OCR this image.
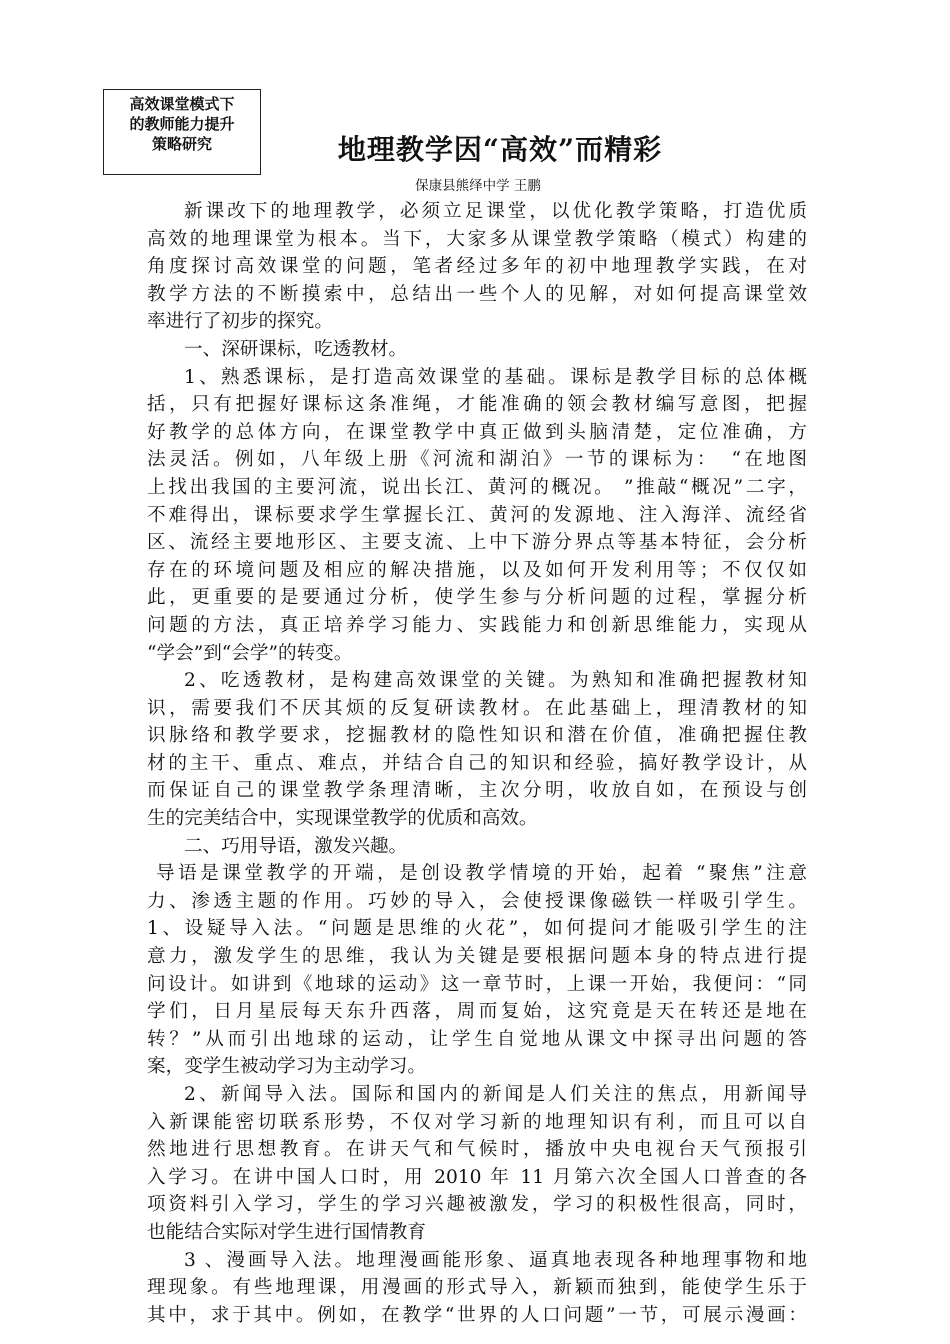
高效课堂模式下
的教师能力提升
策略研究	地理教学因“高效”而精彩
保康县熊绎中学 王鹏
新课改下的地理教学，必须立足课堂，以优化教学策略，打造优质
高效的地理课堂为根本。当下，大家多从课堂教学策略（模式）构建的
角度探讨高效课堂的问题，笔者经过多年的初中地理教学实践，在对
教学方法的不断摸索中，总结出一些个人的见解，对如何提高课堂效
率进行了初步的探究。
一、深研课标，吃透教材。
1、熟悉课标，是打造高效课堂的基础。课标是教学目标的总体概
括，只有把握好课标这条准绳，才能准确的领会教材编写意图，把握
好教学的总体方向，在课堂教学中真正做到头脑清楚，定位准确，方
法灵活。例如，八年级上册《河流和湖泊》一节的课标为：　“在地图
上找出我国的主要河流，说出长江、黄河的概况。 ”推敲“概况”二字，
不难得出，课标要求学生掌握长江、黄河的发源地、注入海洋、流经省
区、流经主要地形区、主要支流、上中下游分界点等基本特征，会分析
存在的环境问题及相应的解决措施，以及如何开发利用等；不仅仅如
此，更重要的是要通过分析，使学生参与分析问题的过程，掌握分析
问题的方法，真正培养学习能力、实践能力和创新思维能力，实现从
“学会”到“会学”的转变。
2、吃透教材，是构建高效课堂的关键。为熟知和准确把握教材知
识，需要我们不厌其烦的反复研读教材。在此基础上，理清教材的知
识脉络和教学要求，挖掘教材的隐性知识和潜在价值，准确把握住教
材的主干、重点、难点，并结合自己的知识和经验，搞好教学设计，从
而保证自己的课堂教学条理清晰，主次分明，收放自如，在预设与创
生的完美结合中，实现课堂教学的优质和高效。
二、巧用导语，激发兴趣。
导语是课堂教学的开端，是创设教学情境的开始，起着 “聚焦”注意
力、渗透主题的作用。巧妙的导入，会使授课像磁铁一样吸引学生。
1、设疑导入法。“问题是思维的火花”，如何提问才能吸引学生的注
意力，激发学生的思维，我认为关键是要根据问题本身的特点进行提
问设计。如讲到《地球的运动》这一章节时，上课一开始，我便问：“同
学们，日月星辰每天东升西落，周而复始，这究竟是天在转还是地在
转？”从而引出地球的运动，让学生自觉地从课文中探寻出问题的答
案，变学生被动学习为主动学习。
2、新闻导入法。国际和国内的新闻是人们关注的焦点，用新闻导
入新课能密切联系形势，不仅对学习新的地理知识有利，而且可以自
然地进行思想教育。在讲天气和气候时，播放中央电视台天气预报引
入学习。在讲中国人口时，用 2010 年 11 月第六次全国人口普查的各
项资料引入学习，学生的学习兴趣被激发，学习的积极性很高，同时，
也能结合实际对学生进行国情教育
3 、漫画导入法。地理漫画能形象、逼真地表现各种地理事物和地
理现象。有些地理课，用漫画的形式导入，新颖而独到，能使学生乐于
其中，求于其中。例如，在教学“世界的人口问题”一节，可展示漫画：
